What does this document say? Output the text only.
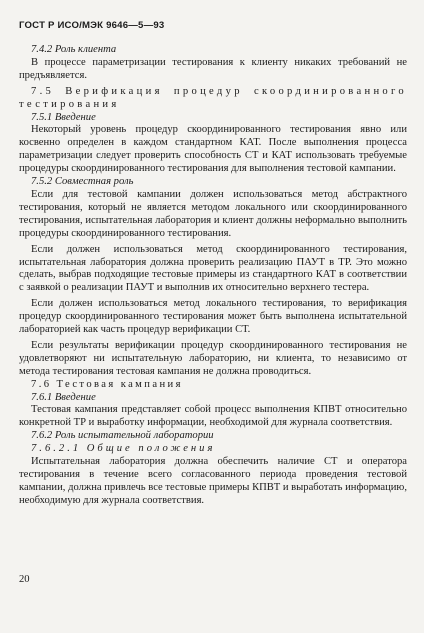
ГОСТ Р ИСО/МЭК 9646—5—93

7.4.2 Роль клиента

В процессе параметризации тестирования к клиенту никаких требований не предъявляется.

7.5 Верификация процедур скоординированного тестирования

7.5.1 Введение

Некоторый уровень процедур скоординированного тестирования явно или косвенно определен в каждом стандартном КАТ. После выполнения процесса параметризации следует проверить способность СТ и КАТ использовать требуемые процедуры скоординированного тестирования для выполнения тестовой кампании.

7.5.2 Совместная роль

Если для тестовой кампании должен использоваться метод абстрактного тестирования, который не является методом локального или скоординированного тестирования, испытательная лаборатория и клиент должны неформально выполнить процедуры скоординированного тестирования.

Если должен использоваться метод скоординированного тестирования, испытательная лаборатория должна проверить реализацию ПАУТ в ТР. Это можно сделать, выбрав подходящие тестовые примеры из стандартного КАТ в соответствии с заявкой о реализации ПАУТ и выполнив их относительно верхнего тестера.

Если должен использоваться метод локального тестирования, то верификация процедур скоординированного тестирования может быть выполнена испытательной лабораторией как часть процедур верификации СТ.

Если результаты верификации процедур скоординированного тестирования не удовлетворяют ни испытательную лабораторию, ни клиента, то независимо от метода тестирования тестовая кампания не должна проводиться.

7.6 Тестовая кампания

7.6.1 Введение

Тестовая кампания представляет собой процесс выполнения КПВТ относительно конкретной ТР и выработку информации, необходимой для журнала соответствия.

7.6.2 Роль испытательной лаборатории

7.6.2.1 Общие положения

Испытательная лаборатория должна обеспечить наличие СТ и оператора тестирования в течение всего согласованного периода проведения тестовой кампании, должна привлечь все тестовые примеры КПВТ и выработать информацию, необходимую для журнала соответствия.

20
